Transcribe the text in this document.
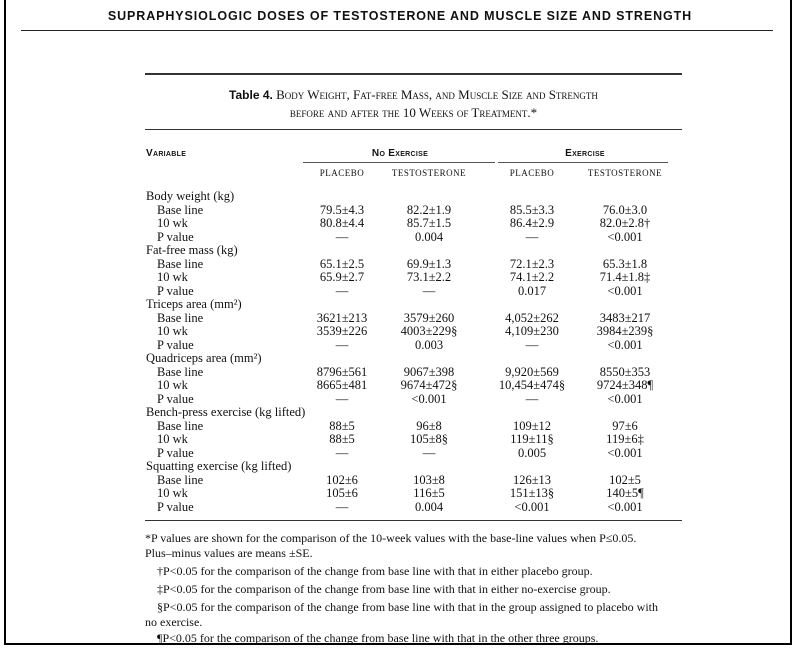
SUPRAPHYSIOLOGIC DOSES OF TESTOSTERONE AND MUSCLE SIZE AND STRENGTH
Table 4. Body Weight, Fat-free Mass, and Muscle Size and Strength
before and after the 10 Weeks of Treatment.*
Variable	No Exercise	Exercise
PLACEBO	TESTOSTERONE	PLACEBO	TESTOSTERONE
Body weight (kg)
Base line	79.5±4.3	82.2±1.9	85.5±3.3	76.0±3.0
10 wk	80.8±4.4	85.7±1.5	86.4±2.9	82.0±2.8†
P value	—	0.004	—	<0.001
Fat-free mass (kg)
Base line	65.1±2.5	69.9±1.3	72.1±2.3	65.3±1.8
10 wk	65.9±2.7	73.1±2.2	74.1±2.2	71.4±1.8‡
P value	—	—	0.017	<0.001
Triceps area (mm²)
Base line	3621±213	3579±260	4,052±262	3483±217
10 wk	3539±226	4003±229§	4,109±230	3984±239§
P value	—	0.003	—	<0.001
Quadriceps area (mm²)
Base line	8796±561	9067±398	9,920±569	8550±353
10 wk	8665±481	9674±472§	10,454±474§	9724±348¶
P value	—	<0.001	—	<0.001
Bench-press exercise (kg lifted)
Base line	88±5	96±8	109±12	97±6
10 wk	88±5	105±8§	119±11§	119±6‡
P value	—	—	0.005	<0.001
Squatting exercise (kg lifted)
Base line	102±6	103±8	126±13	102±5
10 wk	105±6	116±5	151±13§	140±5¶
P value	—	0.004	<0.001	<0.001
*P values are shown for the comparison of the 10-week values with the base-line values when P≤0.05. Plus–minus values are means ±SE.
†P<0.05 for the comparison of the change from base line with that in either placebo group.
‡P<0.05 for the comparison of the change from base line with that in either no-exercise group.
§P<0.05 for the comparison of the change from base line with that in the group assigned to placebo with no exercise.
¶P<0.05 for the comparison of the change from base line with that in the other three groups.
